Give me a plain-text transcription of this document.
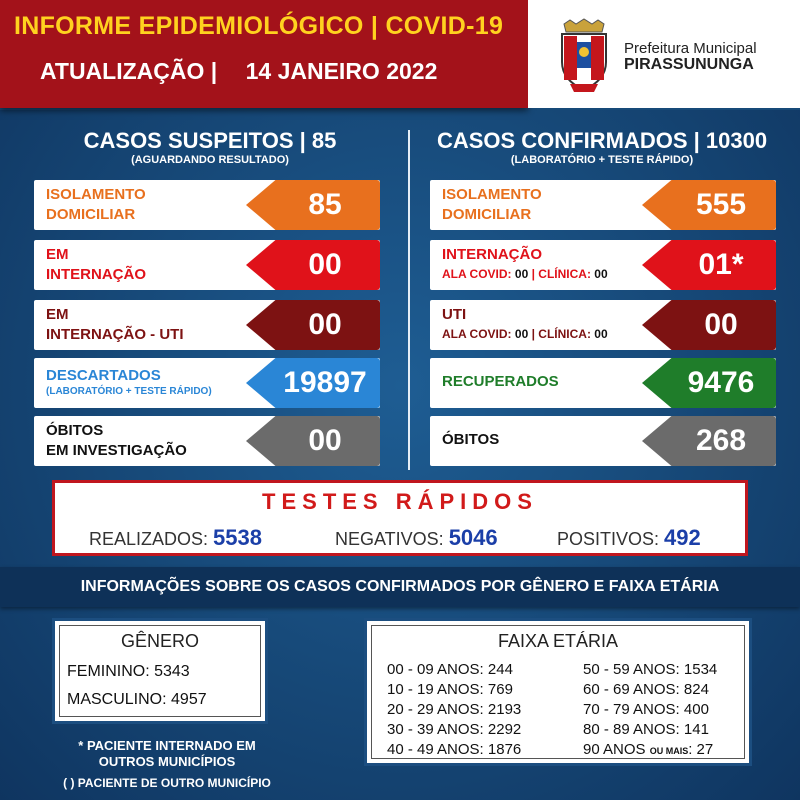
INFORME EPIDEMIOLÓGICO | COVID-19
ATUALIZAÇÃO | 14 JANEIRO 2022
Prefeitura Municipal
PIRASSUNUNGA
CASOS SUSPEITOS | 85
(AGUARDANDO RESULTADO)
CASOS CONFIRMADOS | 10300
(LABORATÓRIO + TESTE RÁPIDO)
ISOLAMENTO
DOMICILIAR	85
EM
INTERNAÇÃO	00
EM
INTERNAÇÃO - UTI	00
DESCARTADOS
(LABORATÓRIO + TESTE RÁPIDO)	19897
ÓBITOS
EM INVESTIGAÇÃO	00
ISOLAMENTO
DOMICILIAR	555
INTERNAÇÃO
ALA COVID: 00 | CLÍNICA: 00	01*
UTI
ALA COVID: 00 | CLÍNICA: 00	00
RECUPERADOS	9476
ÓBITOS	268
TESTES RÁPIDOS
REALIZADOS: 5538	NEGATIVOS: 5046	POSITIVOS: 492
INFORMAÇÕES SOBRE OS CASOS CONFIRMADOS POR GÊNERO E FAIXA ETÁRIA
GÊNERO
FEMININO: 5343
MASCULINO: 4957
FAIXA ETÁRIA
00 - 09 ANOS: 244
10 - 19 ANOS: 769
20 - 29 ANOS: 2193
30 - 39 ANOS: 2292
40 - 49 ANOS: 1876
50 - 59 ANOS: 1534
60 - 69 ANOS: 824
70 - 79 ANOS: 400
80 - 89 ANOS: 141
90 ANOS OU MAIS: 27
* PACIENTE INTERNADO EM
OUTROS MUNICÍPIOS
( ) PACIENTE DE OUTRO MUNICÍPIO
